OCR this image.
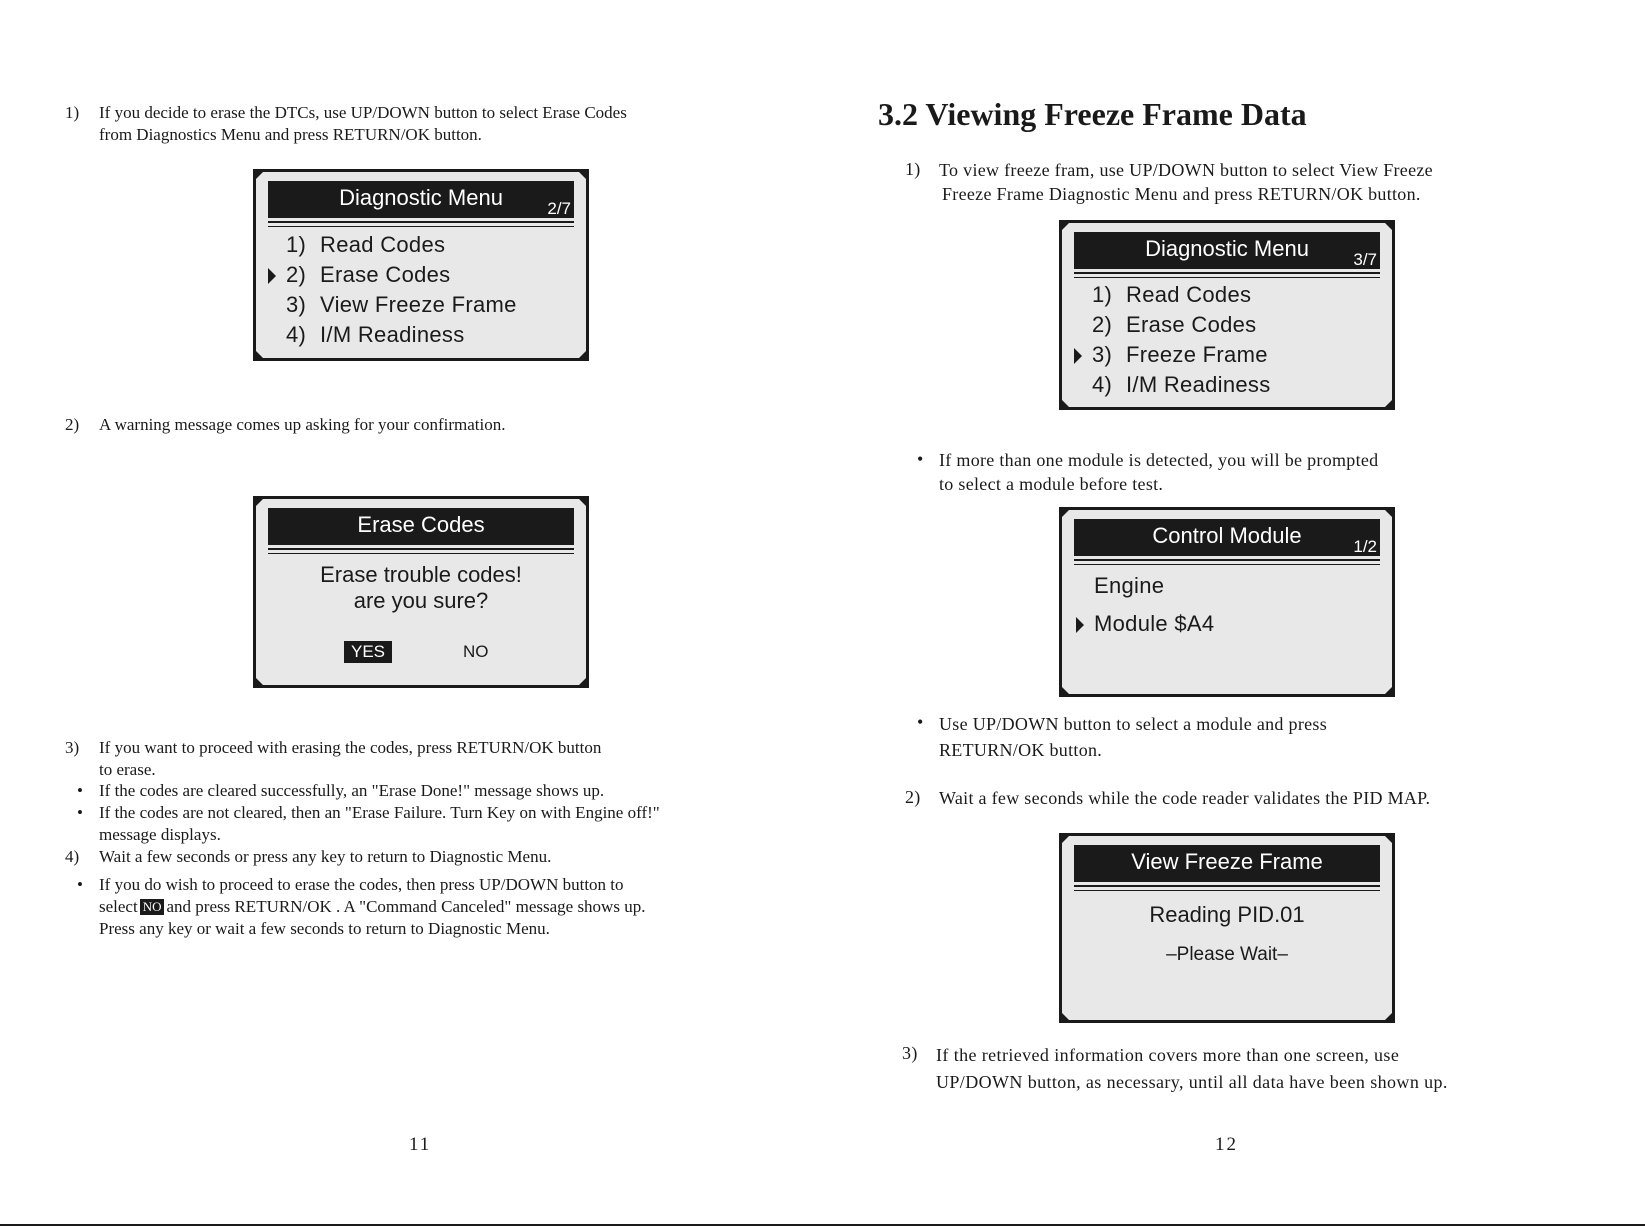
1) If you decide to erase the DTCs, use UP/DOWN button to select Erase Codes
from Diagnostics Menu and press RETURN/OK button.
Diagnostic Menu	2/7
1) Read Codes
2) Erase Codes
3) View Freeze Frame
4) I/M Readiness
2) A warning message comes up asking for your confirmation.
Erase Codes
Erase trouble codes!
are you sure?
YES	NO
3) If you want to proceed with erasing the codes, press RETURN/OK button
to erase.
• If the codes are cleared successfully, an "Erase Done!" message shows up.
• If the codes are not cleared, then an "Erase Failure. Turn Key on with Engine off!"
message displays.
4) Wait a few seconds or press any key to return to Diagnostic Menu.
• If you do wish to proceed to erase the codes, then press UP/DOWN button to
select NO and press RETURN/OK . A "Command Canceled" message shows up.
Press any key or wait a few seconds to return to Diagnostic Menu.
11
3.2 Viewing Freeze Frame Data
1) To view freeze fram, use UP/DOWN button to select View Freeze
Freeze Frame Diagnostic Menu and press RETURN/OK button.
Diagnostic Menu	3/7
1) Read Codes
2) Erase Codes
3) Freeze Frame
4) I/M Readiness
• If more than one module is detected, you will be prompted
to select a module before test.
Control Module	1/2
Engine
Module $A4
• Use UP/DOWN button to select a module and press
RETURN/OK button.
2) Wait a few seconds while the code reader validates the PID MAP.
View Freeze Frame
Reading PID.01
–Please Wait–
3) If the retrieved information covers more than one screen, use
UP/DOWN button, as necessary, until all data have been shown up.
12
